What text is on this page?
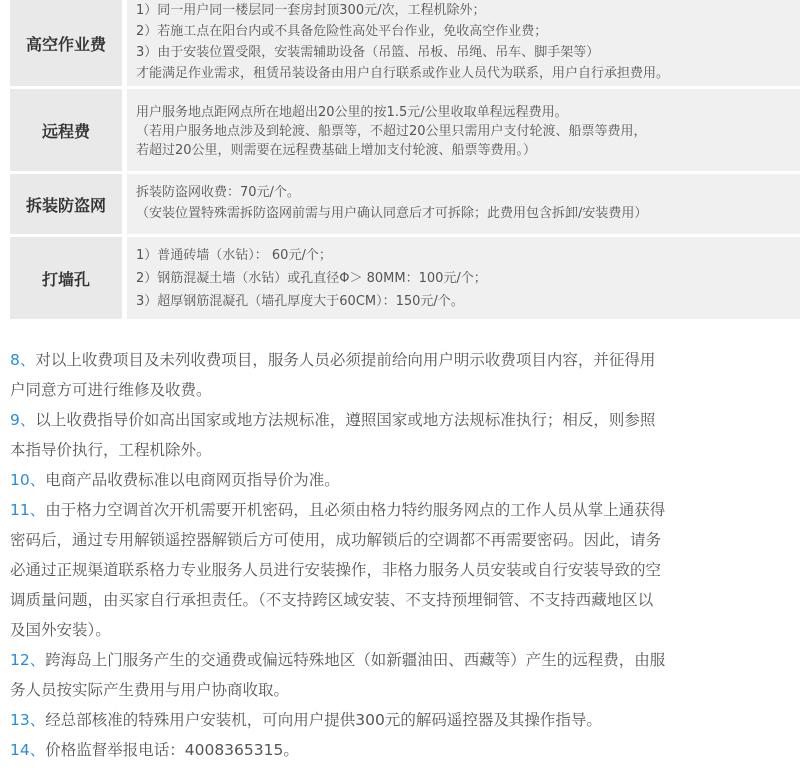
高空作业费
1）同一用户同一楼层同一套房封顶300元/次，工程机除外；
2）若施工点在阳台内或不具备危险性高处平台作业，免收高空作业费；
3）由于安装位置受限，安装需辅助设备（吊篮、吊板、吊绳、吊车、脚手架等）
才能满足作业需求，租赁吊装设备由用户自行联系或作业人员代为联系，用户自行承担费用。
远程费
用户服务地点距网点所在地超出20公里的按1.5元/公里收取单程远程费用。
（若用户服务地点涉及到轮渡、船票等，不超过20公里只需用户支付轮渡、船票等费用，
若超过20公里，则需要在远程费基础上增加支付轮渡、船票等费用。）
拆装防盗网
拆装防盗网收费：70元/个。
（安装位置特殊需拆防盗网前需与用户确认同意后才可拆除；此费用包含拆卸/安装费用）
打墙孔
1）普通砖墙（水钻）： 60元/个；
2）钢筋混凝土墙（水钻）或孔直径Φ＞ 80MM：100元/个；
3）超厚钢筋混凝孔（墙孔厚度大于60CM）：150元/个。

8、对以上收费项目及未列收费项目，服务人员必须提前给向用户明示收费项目内容，并征得用
户同意方可进行维修及收费。

9、以上收费指导价如高出国家或地方法规标准，遵照国家或地方法规标准执行；相反，则参照
本指导价执行，工程机除外。

10、电商产品收费标准以电商网页指导价为准。

11、由于格力空调首次开机需要开机密码，且必须由格力特约服务网点的工作人员从掌上通获得
密码后，通过专用解锁遥控器解锁后方可使用，成功解锁后的空调都不再需要密码。因此，请务
必通过正规渠道联系格力专业服务人员进行安装操作，非格力服务人员安装或自行安装导致的空
调质量问题，由买家自行承担责任。（不支持跨区域安装、不支持预埋铜管、不支持西藏地区以
及国外安装）。

12、跨海岛上门服务产生的交通费或偏远特殊地区（如新疆油田、西藏等）产生的远程费，由服
务人员按实际产生费用与用户协商收取。

13、经总部核准的特殊用户安装机，可向用户提供300元的解码遥控器及其操作指导。

14、价格监督举报电话：4008365315。
